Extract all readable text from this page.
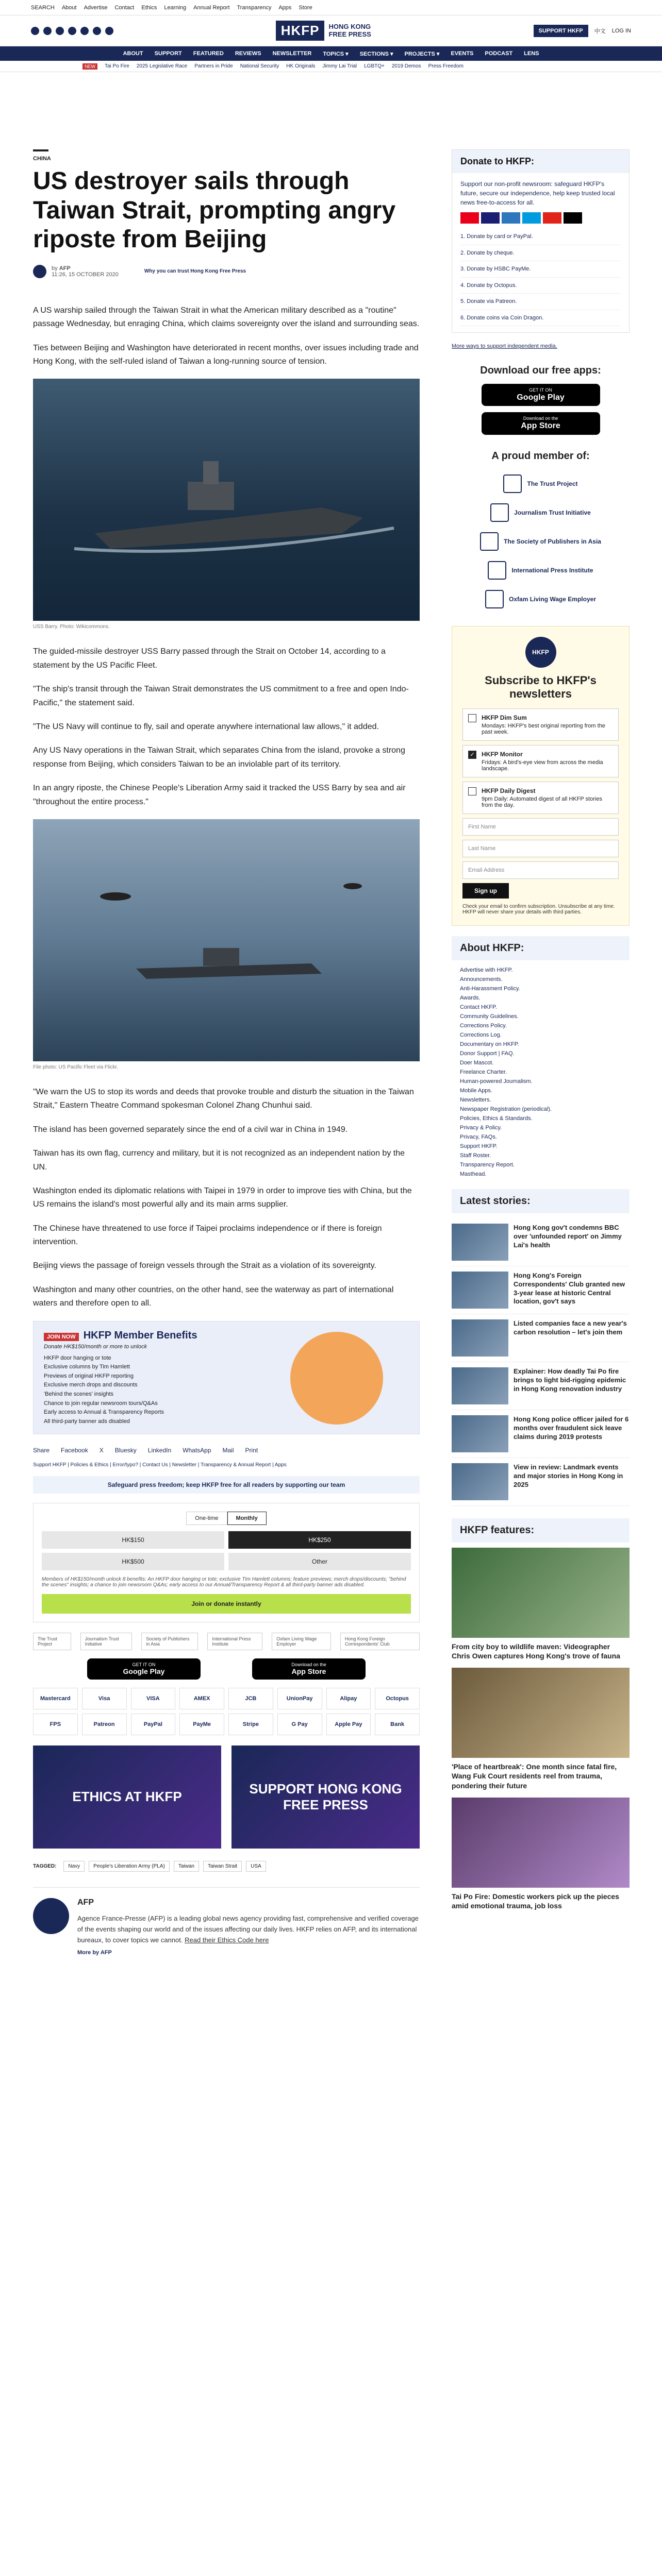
SEARCH About Advertise Contact Ethics Learning Annual Report Transparency Apps Store
HKFP	HONG KONG
FREE PRESS	SUPPORT HKFP	中文 LOG IN
ABOUT SUPPORT FEATURED REVIEWS NEWSLETTER TOPICS ▾ SECTIONS ▾ PROJECTS ▾ EVENTS PODCAST LENS
NEW	Tai Po Fire 2025 Legislative Race Partners in Pride National Security HK Originals Jimmy Lai Trial LGBTQ+ 2019 Demos Press Freedom
CHINA
US destroyer sails through Taiwan Strait, prompting angry riposte from Beijing
by AFP
11:26, 15 OCTOBER 2020	Why you can trust Hong Kong Free Press

A US warship sailed through the Taiwan Strait in what the American military described as a "routine" passage Wednesday, but enraging China, which claims sovereignty over the island and surrounding seas.

Ties between Beijing and Washington have deteriorated in recent months, over issues including trade and Hong Kong, with the self-ruled island of Taiwan a long-running source of tension.

USS Barry. Photo: Wikicommons.

The guided-missile destroyer USS Barry passed through the Strait on October 14, according to a statement by the US Pacific Fleet.

"The ship's transit through the Taiwan Strait demonstrates the US commitment to a free and open Indo-Pacific," the statement said.

"The US Navy will continue to fly, sail and operate anywhere international law allows," it added.

Any US Navy operations in the Taiwan Strait, which separates China from the island, provoke a strong response from Beijing, which considers Taiwan to be an inviolable part of its territory.

In an angry riposte, the Chinese People's Liberation Army said it tracked the USS Barry by sea and air "throughout the entire process."

File photo: US Pacific Fleet via Flickr.

"We warn the US to stop its words and deeds that provoke trouble and disturb the situation in the Taiwan Strait," Eastern Theatre Command spokesman Colonel Zhang Chunhui said.

The island has been governed separately since the end of a civil war in China in 1949.

Taiwan has its own flag, currency and military, but it is not recognized as an independent nation by the UN.

Washington ended its diplomatic relations with Taipei in 1979 in order to improve ties with China, but the US remains the island's most powerful ally and its main arms supplier.

The Chinese have threatened to use force if Taipei proclaims independence or if there is foreign intervention.

Beijing views the passage of foreign vessels through the Strait as a violation of its sovereignty.

Washington and many other countries, on the other hand, see the waterway as part of international waters and therefore open to all.

JOIN NOW HKFP Member Benefits
Donate HK$150/month or more to unlock
HKFP door hanging or tote
Exclusive columns by Tim Hamlett
Previews of original HKFP reporting
Exclusive merch drops and discounts
'Behind the scenes' insights
Chance to join regular newsroom tours/Q&As
Early access to Annual & Transparency Reports
All third-party banner ads disabled
Share Facebook X Bluesky LinkedIn WhatsApp Mail Print
Support HKFP | Policies & Ethics | Error/typo? | Contact Us | Newsletter | Transparency & Annual Report | Apps
Safeguard press freedom; keep HKFP free for all readers by supporting our team
One-time	Monthly
HK$150	HK$250
HK$500	Other
Members of HK$150/month unlock 8 benefits: An HKFP door hanging or tote; exclusive Tim Hamlett columns; feature previews; merch drops/discounts; "behind the scenes" insights; a chance to join newsroom Q&As; early access to our Annual/Transparency Report & all third-party banner ads disabled.
Join or donate instantly
The Trust Project
Journalism Trust Initiative
Society of Publishers in Asia
International Press Institute
Oxfam Living Wage Employer
Hong Kong Foreign Correspondents' Club
GET IT ON
Google Play
Download on the
App Store
Mastercard	Visa	VISA	AMEX	JCB	UnionPay	Alipay	Octopus
FPS	Patreon	PayPal	PayMe	Stripe	G Pay	Apple Pay	Bank
ETHICS AT HKFP
SUPPORT HONG KONG FREE PRESS
TAGGED:	Navy	People's Liberation Army (PLA)	Taiwan	Taiwan Strait	USA
AFP
Agence France-Presse (AFP) is a leading global news agency providing fast, comprehensive and verified coverage of the events shaping our world and of the issues affecting our daily lives. HKFP relies on AFP, and its international bureaux, to cover topics we cannot. Read their Ethics Code here
More by AFP
Donate to HKFP:
Support our non-profit newsroom: safeguard HKFP's future, secure our independence, help keep trusted local news free-to-access for all.
1. Donate by card or PayPal.
2. Donate by cheque.
3. Donate by HSBC PayMe.
4. Donate by Octopus.
5. Donate via Patreon.
6. Donate coins via Coin Dragon.
More ways to support independent media.
Download our free apps:
GET IT ON
Google Play
Download on the
App Store
A proud member of:
The Trust Project
Journalism Trust Initiative
The Society of Publishers in Asia
International Press Institute
Oxfam Living Wage Employer
HKFP
Subscribe to HKFP's newsletters
HKFP Dim Sum
Mondays: HKFP's best original reporting from the past week.
✓ HKFP Monitor
Fridays: A bird's-eye view from across the media landscape.
HKFP Daily Digest
9pm Daily: Automated digest of all HKFP stories from the day.
First Name
Last Name
Email Address
Sign up
Check your email to confirm subscription. Unsubscribe at any time. HKFP will never share your details with third parties.
About HKFP:
Advertise with HKFP.
Announcements.
Anti-Harassment Policy.
Awards.
Contact HKFP.
Community Guidelines.
Corrections Policy.
Corrections Log.
Documentary on HKFP.
Donor Support | FAQ.
Doer Mascot.
Freelance Charter.
Human-powered Journalism.
Mobile Apps.
Newsletters.
Newspaper Registration (periodical).
Policies, Ethics & Standards.
Privacy & Policy.
Privacy, FAQs.
Support HKFP.
Staff Roster.
Transparency Report.
Masthead.
Latest stories:
Hong Kong gov't condemns BBC over 'unfounded report' on Jimmy Lai's health
Hong Kong's Foreign Correspondents' Club granted new 3-year lease at historic Central location, gov't says
Listed companies face a new year's carbon resolution – let's join them
Explainer: How deadly Tai Po fire brings to light bid-rigging epidemic in Hong Kong renovation industry
Hong Kong police officer jailed for 6 months over fraudulent sick leave claims during 2019 protests
View in review: Landmark events and major stories in Hong Kong in 2025
HKFP features:
From city boy to wildlife maven: Videographer Chris Owen captures Hong Kong's trove of fauna
'Place of heartbreak': One month since fatal fire, Wang Fuk Court residents reel from trauma, pondering their future
Tai Po Fire: Domestic workers pick up the pieces amid emotional trauma, job loss
